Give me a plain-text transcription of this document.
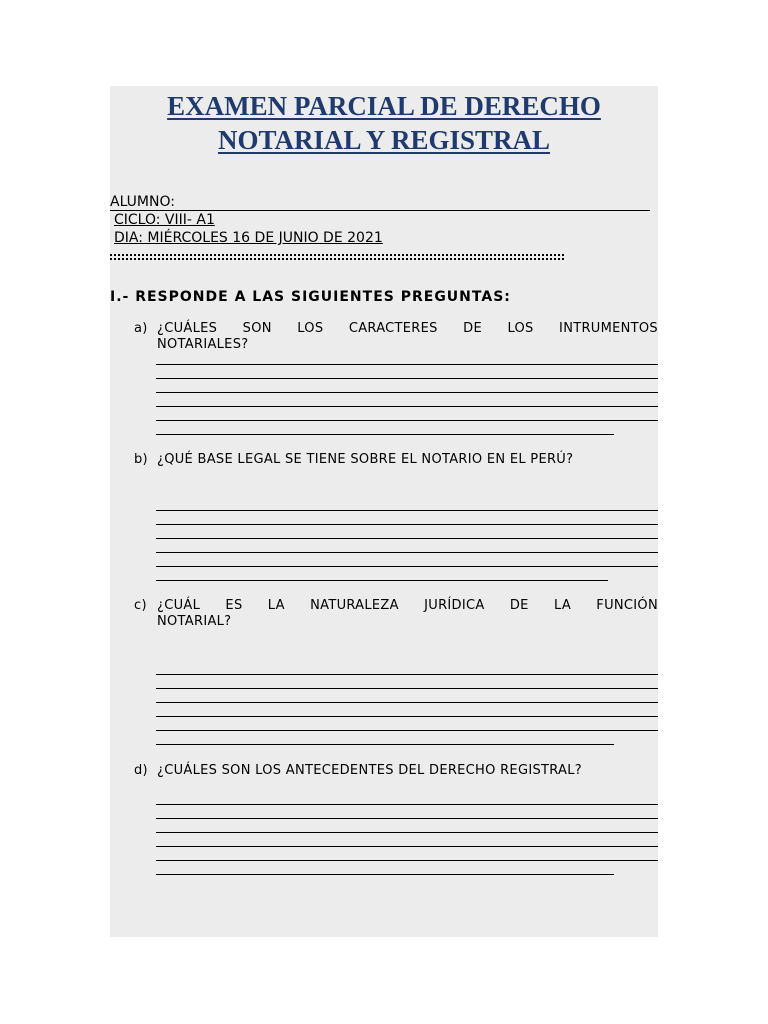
EXAMEN PARCIAL DE DERECHO
NOTARIAL Y REGISTRAL
ALUMNO:
CICLO: VIII- A1
DIA: MIÉRCOLES 16 DE JUNIO DE 2021
I.- RESPONDE A LAS SIGUIENTES PREGUNTAS:
a) ¿CUÁLES SON LOS CARACTERES DE LOS INTRUMENTOS
NOTARIALES?
b) ¿QUÉ BASE LEGAL SE TIENE SOBRE EL NOTARIO EN EL PERÚ?
c) ¿CUÁL ES LA NATURALEZA JURÍDICA DE LA FUNCIÓN
NOTARIAL?
d) ¿CUÁLES SON LOS ANTECEDENTES DEL DERECHO REGISTRAL?
